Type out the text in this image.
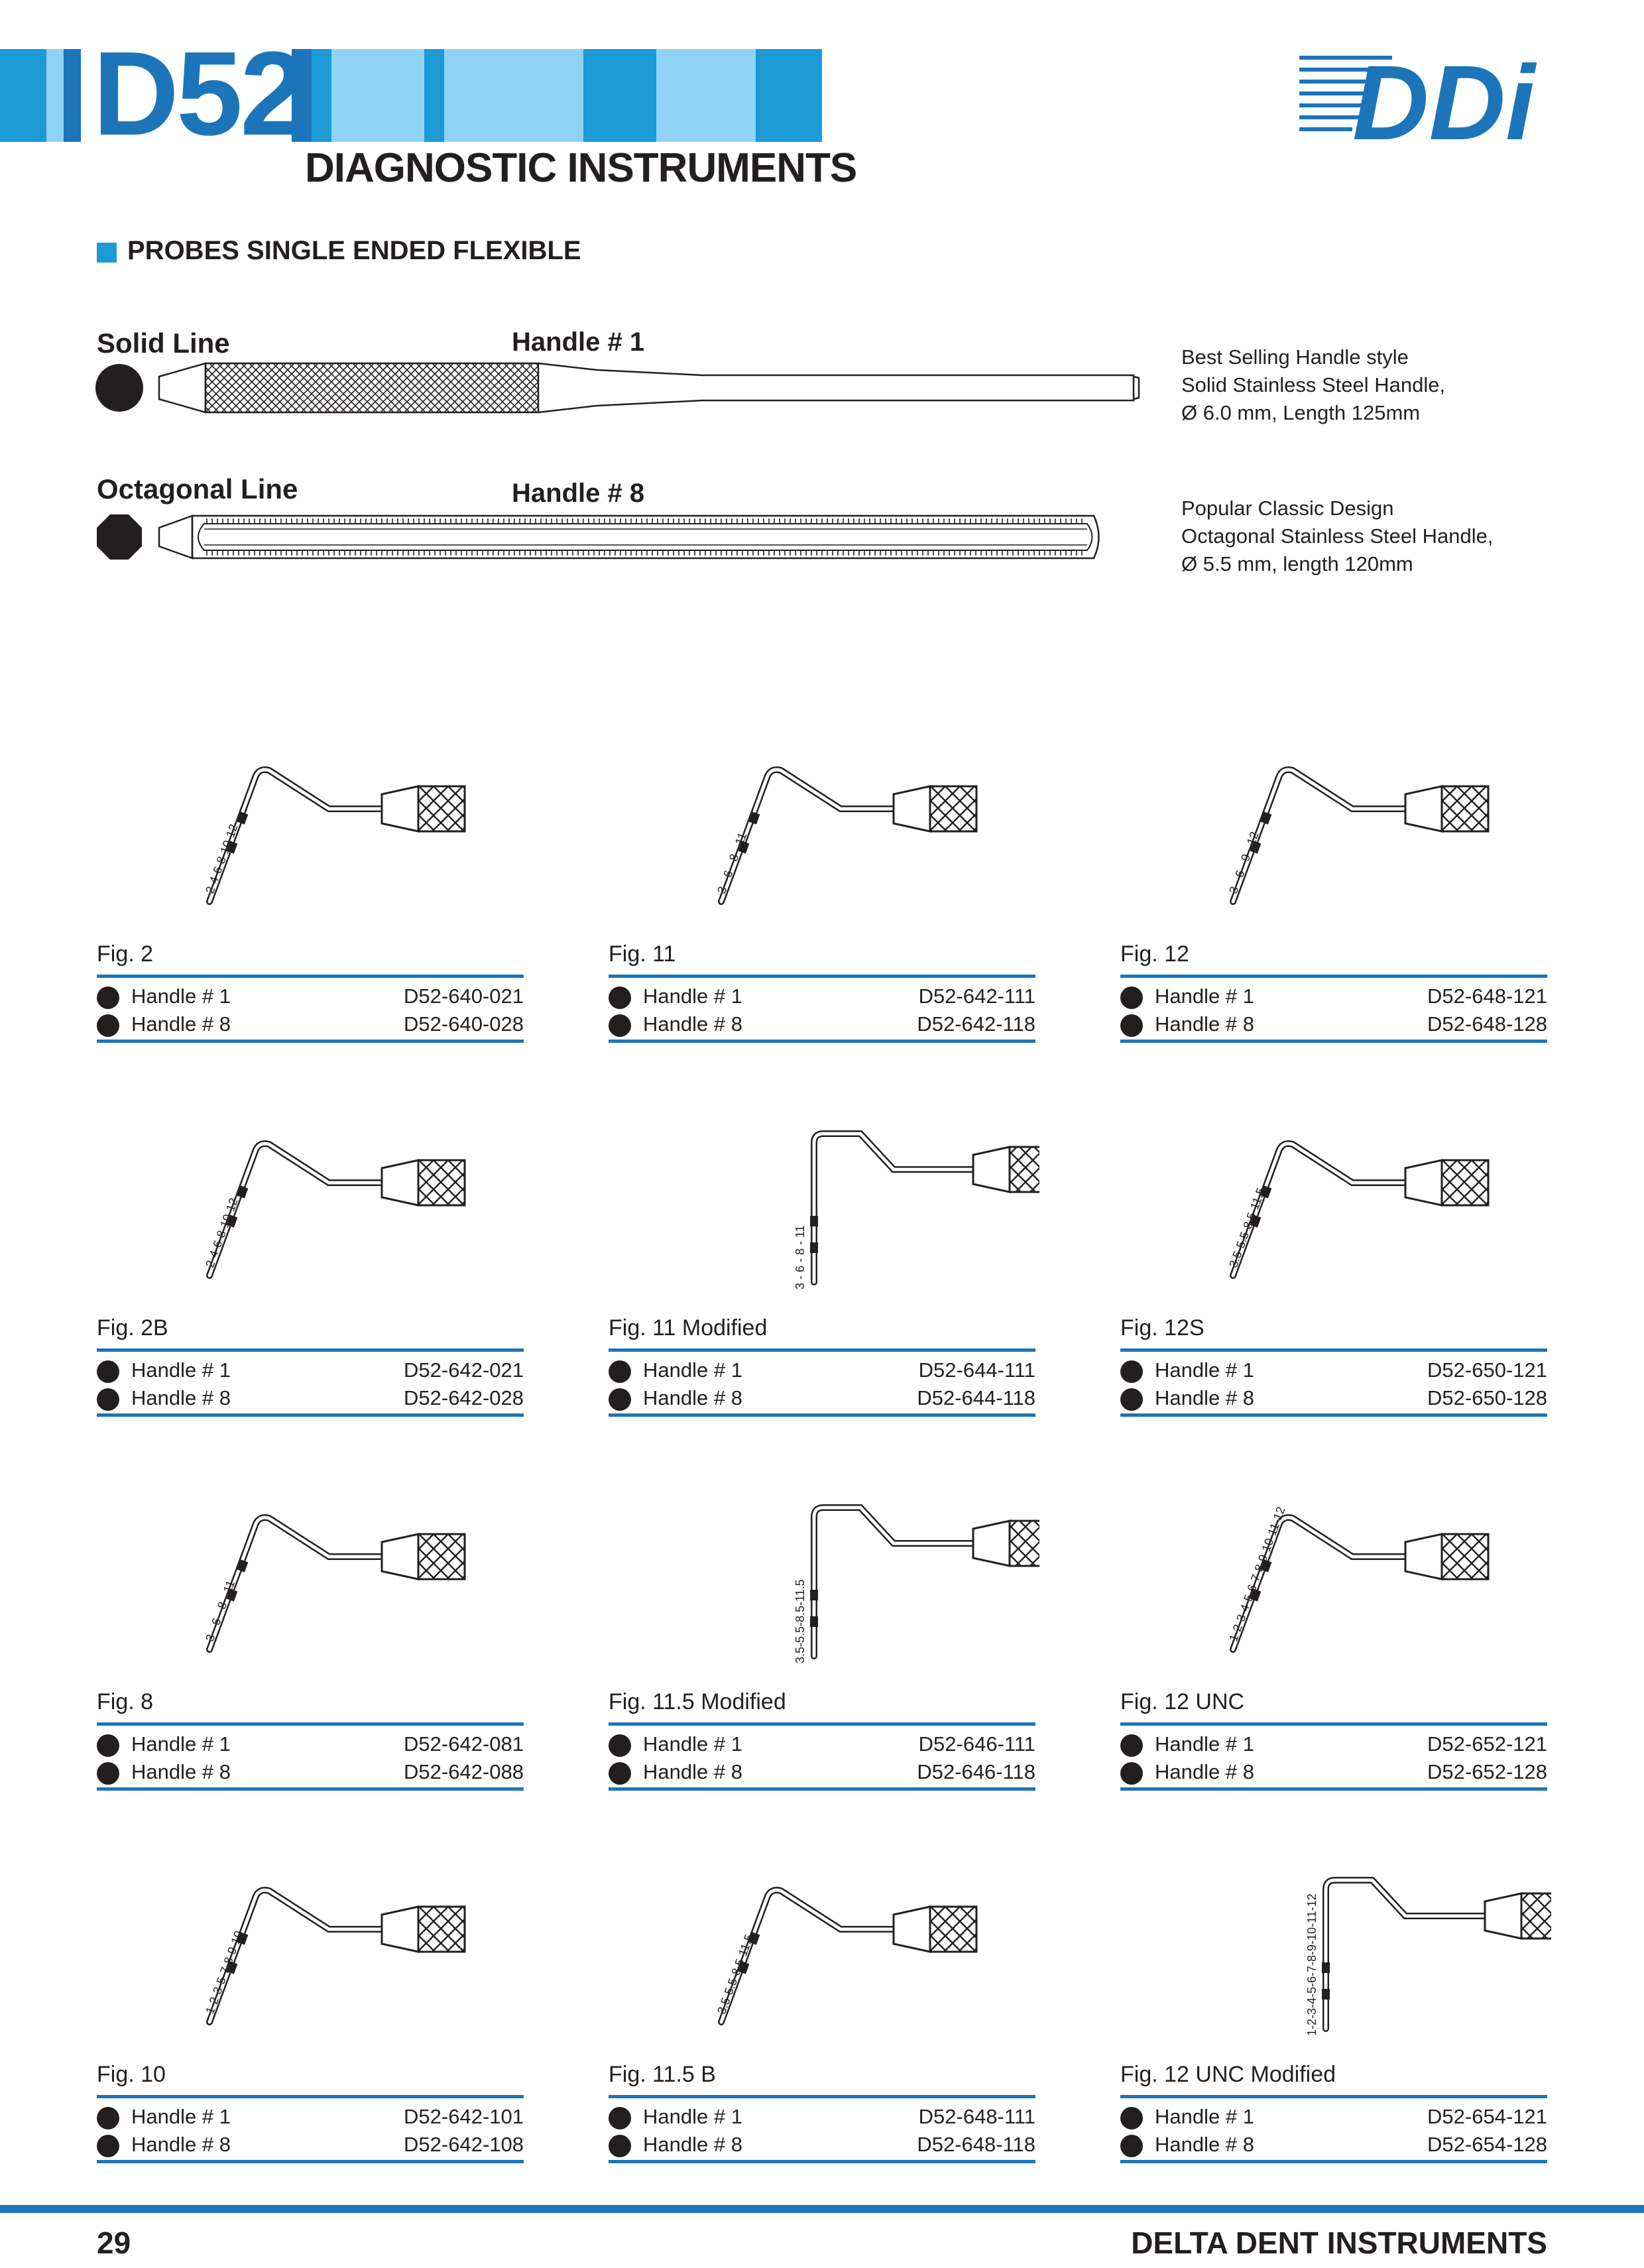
D52
DIAGNOSTIC INSTRUMENTS
DDi
PROBES SINGLE ENDED FLEXIBLE
Solid Line	Handle # 1
Best Selling Handle style
Solid Stainless Steel Handle,
Ø 6.0 mm, Length 125mm
Octagonal Line	Handle # 8
Popular Classic Design
Octagonal Stainless Steel Handle,
Ø 5.5 mm, length 120mm
2-4-6-8-10-12
Fig. 2
Handle # 1	D52-640-021
Handle # 8	D52-640-028
3 - 6 - 8 - 11
Fig. 11
Handle # 1	D52-642-111
Handle # 8	D52-642-118
3 - 6 - 9 - 12
Fig. 12
Handle # 1	D52-648-121
Handle # 8	D52-648-128
2-4-6-8-10-12
Fig. 2B
Handle # 1	D52-642-021
Handle # 8	D52-642-028
3 - 6 - 8 - 11
Fig. 11 Modified
Handle # 1	D52-644-111
Handle # 8	D52-644-118
3.5-5.5-8.5-11.5
Fig. 12S
Handle # 1	D52-650-121
Handle # 8	D52-650-128
3 - 6 - 8 - 11
Fig. 8
Handle # 1	D52-642-081
Handle # 8	D52-642-088
3.5-5.5-8.5-11.5
Fig. 11.5 Modified
Handle # 1	D52-646-111
Handle # 8	D52-646-118
1-2-3-4-5-6-7-8-9-10-11-12
Fig. 12 UNC
Handle # 1	D52-652-121
Handle # 8	D52-652-128
1-2-3-5-7-8-9-10
Fig. 10
Handle # 1	D52-642-101
Handle # 8	D52-642-108
3.5-5.5-8.5-11.5
Fig. 11.5 B
Handle # 1	D52-648-111
Handle # 8	D52-648-118
1-2-3-4-5-6-7-8-9-10-11-12
Fig. 12 UNC Modified
Handle # 1	D52-654-121
Handle # 8	D52-654-128
29	DELTA DENT INSTRUMENTS
